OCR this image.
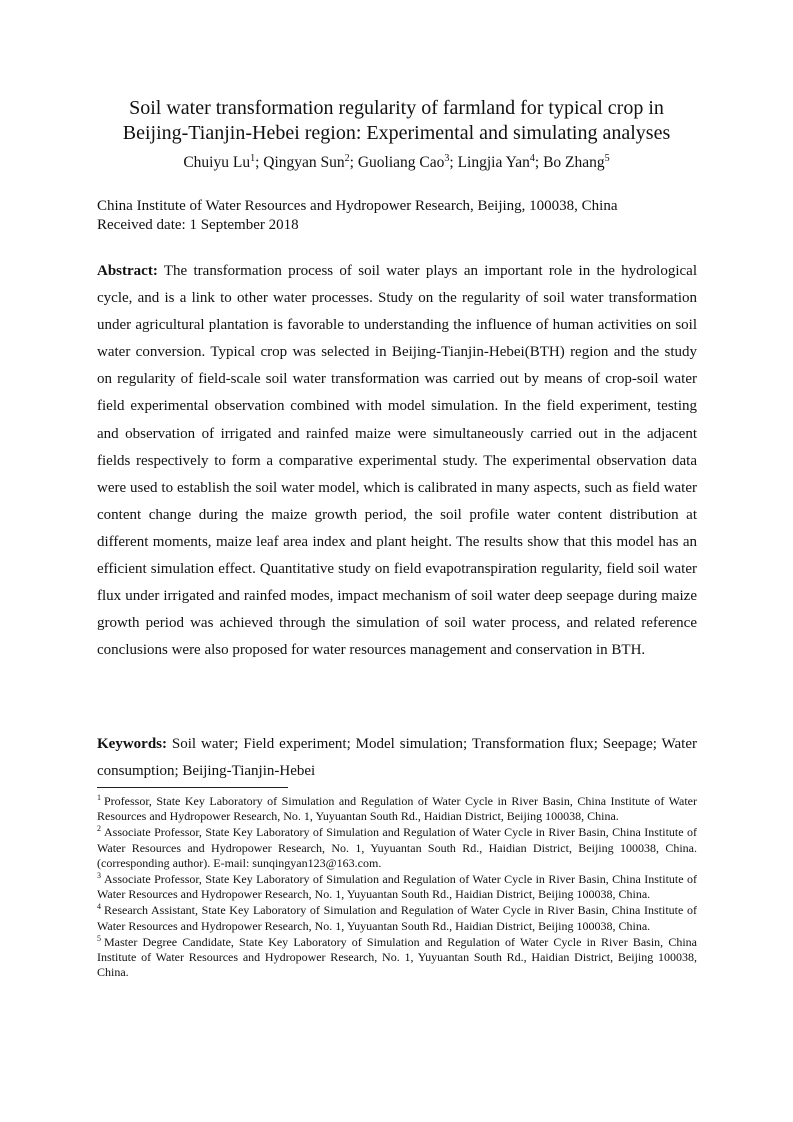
Soil water transformation regularity of farmland for typical crop in
Beijing-Tianjin-Hebei region: Experimental and simulating analyses
Chuiyu Lu$^1$; Qingyan Sun$^2$; Guoliang Cao$^3$; Lingjia Yan$^4$; Bo Zhang$^5$
China Institute of Water Resources and Hydropower Research, Beijing, 100038, China
Received date: 1 September 2018
Abstract: The transformation process of soil water plays an important role in the hydrological cycle, and is a link to other water processes. Study on the regularity of soil water transformation under agricultural plantation is favorable to understanding the influence of human activities on soil water conversion. Typical crop was selected in Beijing-Tianjin-Hebei(BTH) region and the study on regularity of field-scale soil water transformation was carried out by means of crop-soil water field experimental observation combined with model simulation. In the field experiment, testing and observation of irrigated and rainfed maize were simultaneously carried out in the adjacent fields respectively to form a comparative experimental study. The experimental observation data were used to establish the soil water model, which is calibrated in many aspects, such as field water content change during the maize growth period, the soil profile water content distribution at different moments, maize leaf area index and plant height. The results show that this model has an efficient simulation effect. Quantitative study on field evapotranspiration regularity, field soil water flux under irrigated and rainfed modes, impact mechanism of soil water deep seepage during maize growth period was achieved through the simulation of soil water process, and related reference conclusions were also proposed for water resources management and conservation in BTH.
Keywords: Soil water; Field experiment; Model simulation; Transformation flux; Seepage; Water consumption; Beijing-Tianjin-Hebei
$^1$ Professor, State Key Laboratory of Simulation and Regulation of Water Cycle in River Basin, China Institute of Water Resources and Hydropower Research, No. 1, Yuyuantan South Rd., Haidian District, Beijing 100038, China.
$^2$ Associate Professor, State Key Laboratory of Simulation and Regulation of Water Cycle in River Basin, China Institute of Water Resources and Hydropower Research, No. 1, Yuyuantan South Rd., Haidian District, Beijing 100038, China. (corresponding author). E-mail: sunqingyan123@163.com.
$^3$ Associate Professor, State Key Laboratory of Simulation and Regulation of Water Cycle in River Basin, China Institute of Water Resources and Hydropower Research, No. 1, Yuyuantan South Rd., Haidian District, Beijing 100038, China.
$^4$ Research Assistant, State Key Laboratory of Simulation and Regulation of Water Cycle in River Basin, China Institute of Water Resources and Hydropower Research, No. 1, Yuyuantan South Rd., Haidian District, Beijing 100038, China.
$^5$ Master Degree Candidate, State Key Laboratory of Simulation and Regulation of Water Cycle in River Basin, China Institute of Water Resources and Hydropower Research, No. 1, Yuyuantan South Rd., Haidian District, Beijing 100038, China.
